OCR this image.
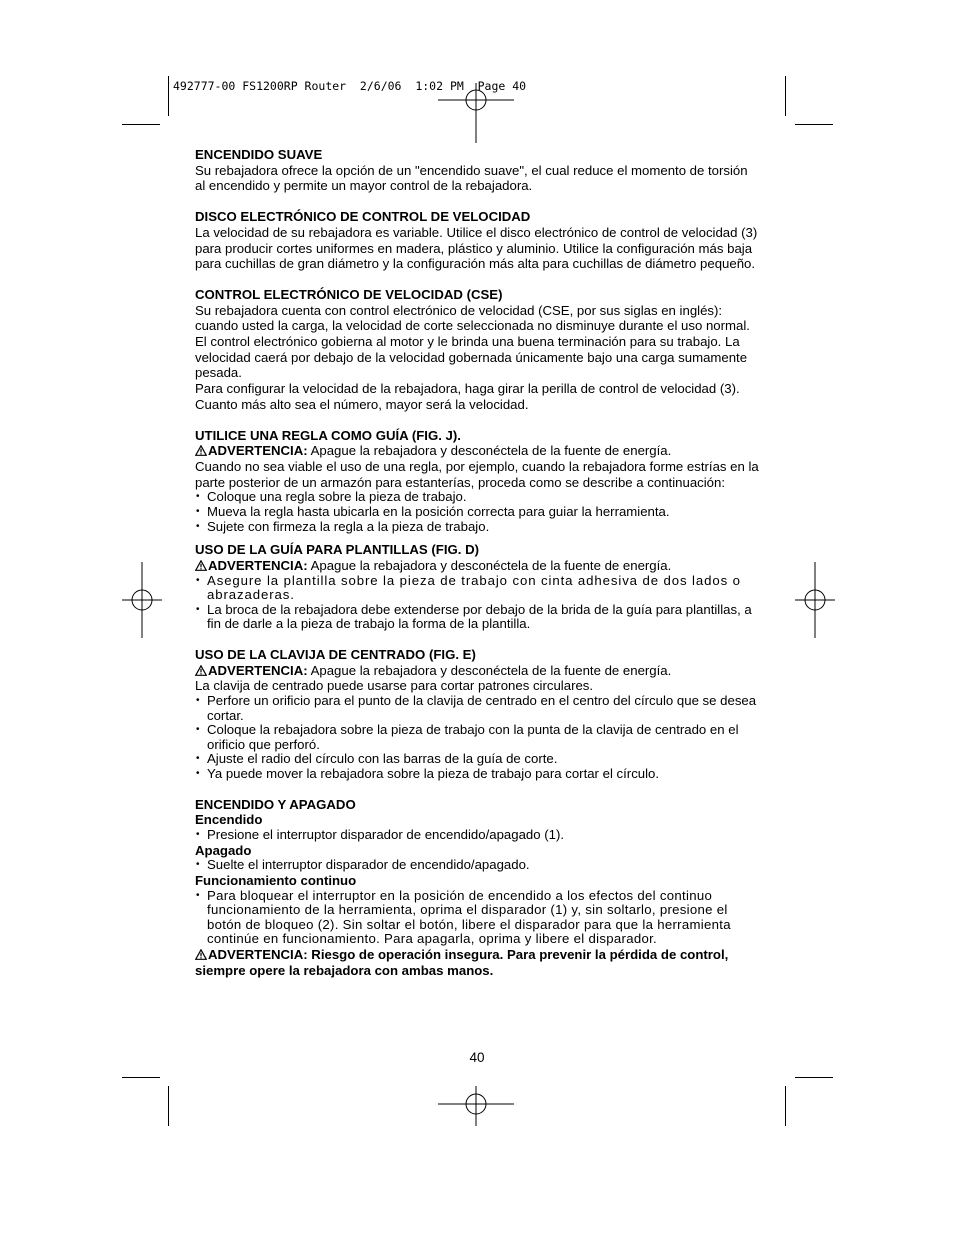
492777-00 FS1200RP Router  2/6/06  1:02 PM  Page 40
ENCENDIDO SUAVE

Su rebajadora ofrece la opción de un "encendido suave", el cual reduce el momento de torsión al encendido y permite un mayor control de la rebajadora.

DISCO ELECTRÓNICO DE CONTROL DE VELOCIDAD

La velocidad de su rebajadora es variable. Utilice el disco electrónico de control de velocidad (3) para producir cortes uniformes en madera, plástico y aluminio. Utilice la configuración más baja para cuchillas de gran diámetro y la configuración más alta para cuchillas de diámetro pequeño.

CONTROL ELECTRÓNICO DE VELOCIDAD (CSE)

Su rebajadora cuenta con control electrónico de velocidad (CSE, por sus siglas en inglés): cuando usted la carga, la velocidad de corte seleccionada no disminuye durante el uso normal. El control electrónico gobierna al motor y le brinda una buena terminación para su trabajo. La velocidad caerá por debajo de la velocidad gobernada únicamente bajo una carga sumamente pesada.

Para configurar la velocidad de la rebajadora, haga girar la perilla de control de velocidad (3). Cuanto más alto sea el número, mayor será la velocidad.

UTILICE UNA REGLA COMO GUÍA (FIG. J).

ADVERTENCIA: Apague la rebajadora y desconéctela de la fuente de energía.

Cuando no sea viable el uso de una regla, por ejemplo, cuando la rebajadora forme estrías en la parte posterior de un armazón para estanterías, proceda como se describe a continuación:

• Coloque una regla sobre la pieza de trabajo.
• Mueva la regla hasta ubicarla en la posición correcta para guiar la herramienta.
• Sujete con firmeza la regla a la pieza de trabajo.
USO DE LA GUÍA PARA PLANTILLAS (FIG. D)

ADVERTENCIA: Apague la rebajadora y desconéctela de la fuente de energía.

• Asegure la plantilla sobre la pieza de trabajo con cinta adhesiva de dos lados o abrazaderas.
• La broca de la rebajadora debe extenderse por debajo de la brida de la guía para plantillas, a fin de darle a la pieza de trabajo la forma de la plantilla.
USO DE LA CLAVIJA DE CENTRADO (FIG. E)

ADVERTENCIA: Apague la rebajadora y desconéctela de la fuente de energía.

La clavija de centrado puede usarse para cortar patrones circulares.

• Perfore un orificio para el punto de la clavija de centrado en el centro del círculo que se desea cortar.
• Coloque la rebajadora sobre la pieza de trabajo con la punta de la clavija de centrado en el orificio que perforó.
• Ajuste el radio del círculo con las barras de la guía de corte.
• Ya puede mover la rebajadora sobre la pieza de trabajo para cortar el círculo.
ENCENDIDO Y APAGADO
Encendido
• Presione el interruptor disparador de encendido/apagado (1).
Apagado
• Suelte el interruptor disparador de encendido/apagado.
Funcionamiento continuo
• Para bloquear el interruptor en la posición de encendido a los efectos del continuo funcionamiento de la herramienta, oprima el disparador (1) y, sin soltarlo, presione el botón de bloqueo (2). Sin soltar el botón, libere el disparador para que la herramienta continúe en funcionamiento. Para apagarla, oprima y libere el disparador.

ADVERTENCIA: Riesgo de operación insegura. Para prevenir la pérdida de control, siempre opere la rebajadora con ambas manos.

40
